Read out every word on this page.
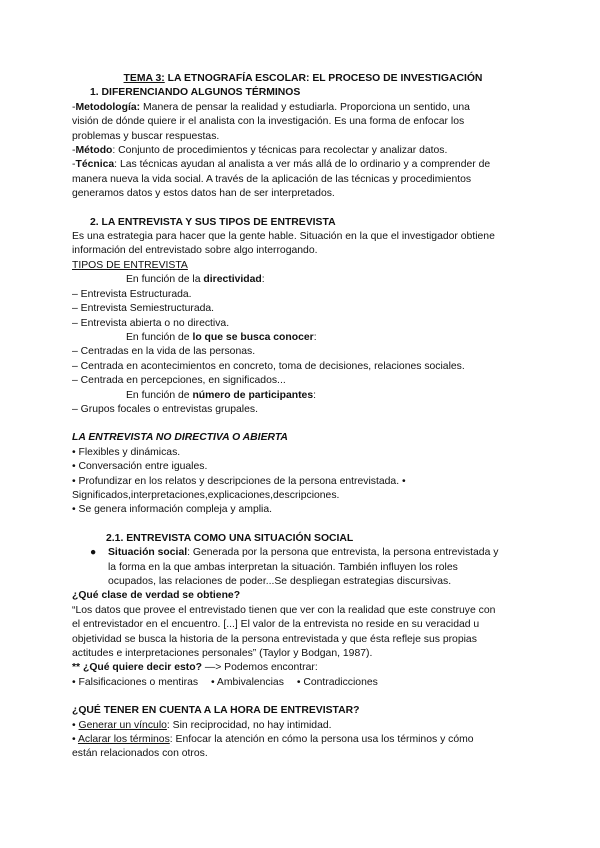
TEMA 3: LA ETNOGRAFÍA ESCOLAR: EL PROCESO DE INVESTIGACIÓN
1. DIFERENCIANDO ALGUNOS TÉRMINOS
-Metodología: Manera de pensar la realidad y estudiarla. Proporciona un sentido, una
visión de dónde quiere ir el analista con la investigación. Es una forma de enfocar los
problemas y buscar respuestas.
-Método: Conjunto de procedimientos y técnicas para recolectar y analizar datos.
-Técnica: Las técnicas ayudan al analista a ver más allá de lo ordinario y a comprender de
manera nueva la vida social. A través de la aplicación de las técnicas y procedimientos
generamos datos y estos datos han de ser interpretados.
2. LA ENTREVISTA Y SUS TIPOS DE ENTREVISTA
Es una estrategia para hacer que la gente hable. Situación en la que el investigador obtiene
información del entrevistado sobre algo interrogando.
TIPOS DE ENTREVISTA
En función de la directividad:
– Entrevista Estructurada.
– Entrevista Semiestructurada.
– Entrevista abierta o no directiva.
En función de lo que se busca conocer:
– Centradas en la vida de las personas.
– Centrada en acontecimientos en concreto, toma de decisiones, relaciones sociales.
– Centrada en percepciones, en significados...
En función de número de participantes:
– Grupos focales o entrevistas grupales.
LA ENTREVISTA NO DIRECTIVA O ABIERTA
• Flexibles y dinámicas.
• Conversación entre iguales.
• Profundizar en los relatos y descripciones de la persona entrevistada. •
Significados,interpretaciones,explicaciones,descripciones.
• Se genera información compleja y amplia.
2.1. ENTREVISTA COMO UNA SITUACIÓN SOCIAL
●	Situación social: Generada por la persona que entrevista, la persona entrevistada y
la forma en la que ambas interpretan la situación. También influyen los roles
ocupados, las relaciones de poder...Se despliegan estrategias discursivas.
¿Qué clase de verdad se obtiene?
“Los datos que provee el entrevistado tienen que ver con la realidad que este construye con
el entrevistador en el encuentro. [...] El valor de la entrevista no reside en su veracidad u
objetividad se busca la historia de la persona entrevistada y que ésta refleje sus propias
actitudes e interpretaciones personales” (Taylor y Bodgan, 1987).
** ¿Qué quiere decir esto? —> Podemos encontrar:
• Falsificaciones o mentiras • Ambivalencias • Contradicciones
¿QUÉ TENER EN CUENTA A LA HORA DE ENTREVISTAR?
• Generar un vínculo: Sin reciprocidad, no hay intimidad.
• Aclarar los términos: Enfocar la atención en cómo la persona usa los términos y cómo
están relacionados con otros.
